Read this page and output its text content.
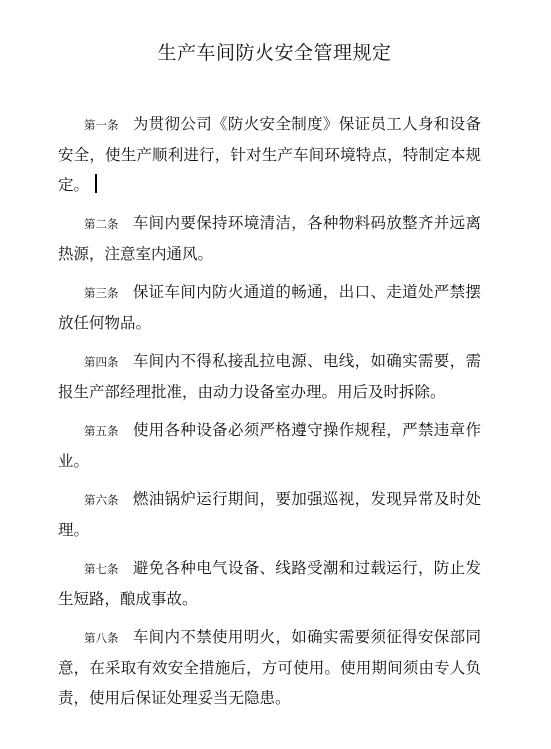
生产车间防火安全管理规定

第一条 为贯彻公司《防火安全制度》保证员工人身和设备安全，使生产顺利进行，针对生产车间环境特点，特制定本规定。

第二条 车间内要保持环境清洁，各种物料码放整齐并远离热源，注意室内通风。

第三条 保证车间内防火通道的畅通，出口、走道处严禁摆放任何物品。

第四条 车间内不得私接乱拉电源、电线，如确实需要，需报生产部经理批准，由动力设备室办理。用后及时拆除。

第五条 使用各种设备必须严格遵守操作规程，严禁违章作业。

第六条 燃油锅炉运行期间，要加强巡视，发现异常及时处理。

第七条 避免各种电气设备、线路受潮和过载运行，防止发生短路，酿成事故。

第八条 车间内不禁使用明火，如确实需要须征得安保部同意，在采取有效安全措施后，方可使用。使用期间须由专人负责，使用后保证处理妥当无隐患。
